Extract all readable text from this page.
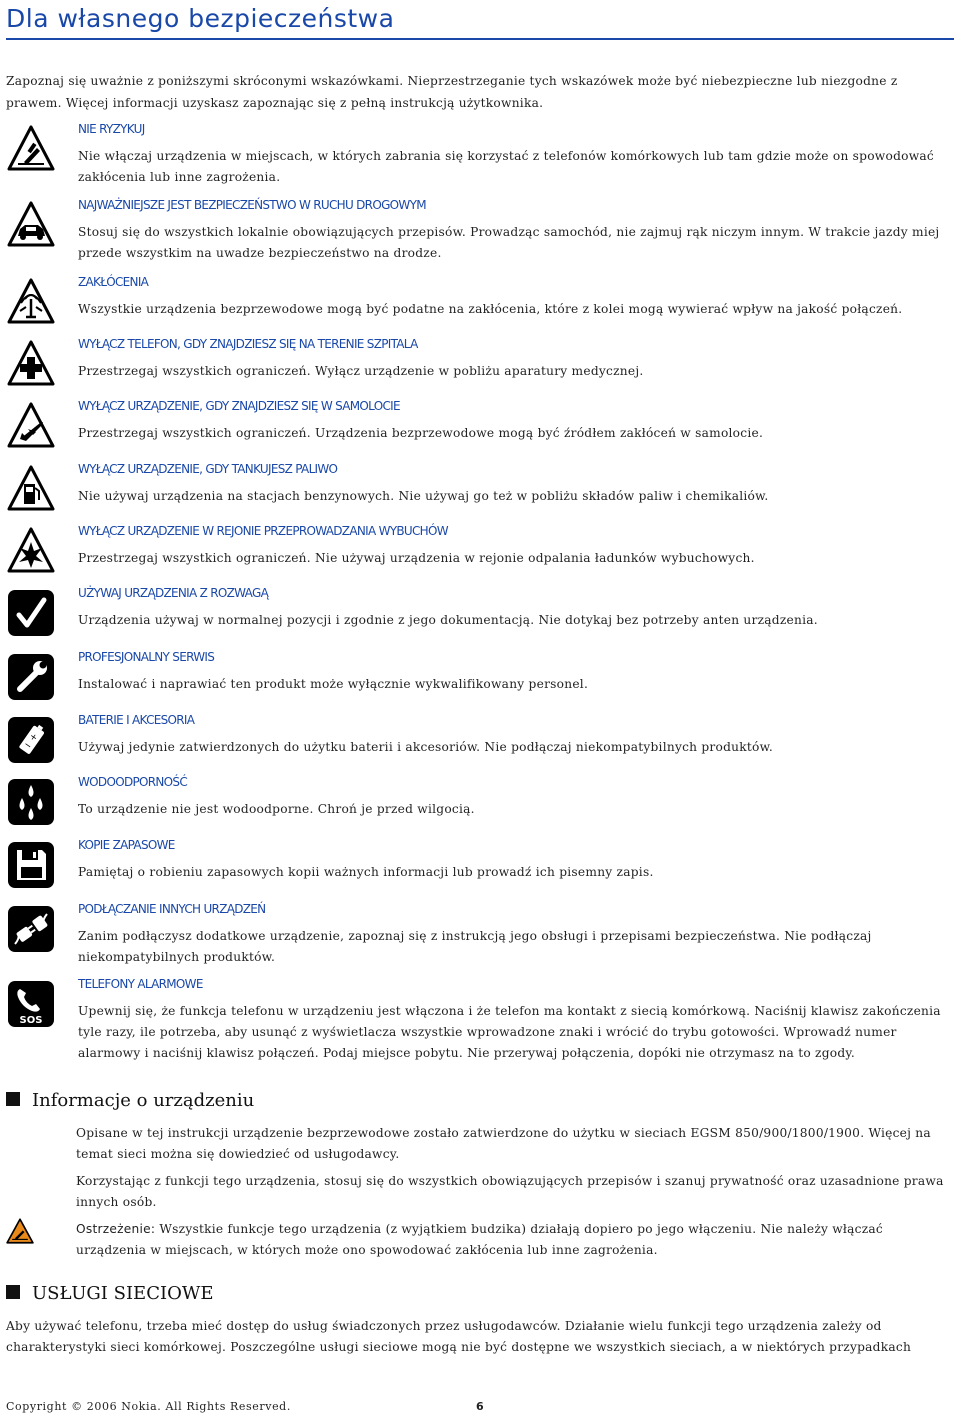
Dla własnego bezpieczeństwa
Zapoznaj się uważnie z poniższymi skróconymi wskazówkami. Nieprzestrzeganie tych wskazówek może być niebezpieczne lub niezgodne z prawem. Więcej informacji uzyskasz zapoznając się z pełną instrukcją użytkownika.
NIE RYZYKUJ
Nie włączaj urządzenia w miejscach, w których zabrania się korzystać z telefonów komórkowych lub tam gdzie może on spowodować zakłócenia lub inne zagrożenia.
NAJWAŻNIEJSZE JEST BEZPIECZEŃSTWO W RUCHU DROGOWYM
Stosuj się do wszystkich lokalnie obowiązujących przepisów. Prowadząc samochód, nie zajmuj rąk niczym innym. W trakcie jazdy miej przede wszystkim na uwadze bezpieczeństwo na drodze.
ZAKŁÓCENIA
Wszystkie urządzenia bezprzewodowe mogą być podatne na zakłócenia, które z kolei mogą wywierać wpływ na jakość połączeń.
WYŁĄCZ TELEFON, GDY ZNAJDZIESZ SIĘ NA TERENIE SZPITALA
Przestrzegaj wszystkich ograniczeń. Wyłącz urządzenie w pobliżu aparatury medycznej.
WYŁĄCZ URZĄDZENIE, GDY ZNAJDZIESZ SIĘ W SAMOLOCIE
Przestrzegaj wszystkich ograniczeń. Urządzenia bezprzewodowe mogą być źródłem zakłóceń w samolocie.
WYŁĄCZ URZĄDZENIE, GDY TANKUJESZ PALIWO
Nie używaj urządzenia na stacjach benzynowych. Nie używaj go też w pobliżu składów paliw i chemikaliów.
WYŁĄCZ URZĄDZENIE W REJONIE PRZEPROWADZANIA WYBUCHÓW
Przestrzegaj wszystkich ograniczeń. Nie używaj urządzenia w rejonie odpalania ładunków wybuchowych.
UŻYWAJ URZĄDZENIA Z ROZWAGĄ
Urządzenia używaj w normalnej pozycji i zgodnie z jego dokumentacją. Nie dotykaj bez potrzeby anten urządzenia.
PROFESJONALNY SERWIS
Instalować i naprawiać ten produkt może wyłącznie wykwalifikowany personel.
+
−
BATERIE I AKCESORIA
Używaj jedynie zatwierdzonych do użytku baterii i akcesoriów. Nie podłączaj niekompatybilnych produktów.
WODOODPORNOŚĆ
To urządzenie nie jest wodoodporne. Chroń je przed wilgocią.
KOPIE ZAPASOWE
Pamiętaj o robieniu zapasowych kopii ważnych informacji lub prowadź ich pisemny zapis.
PODŁĄCZANIE INNYCH URZĄDZEŃ
Zanim podłączysz dodatkowe urządzenie, zapoznaj się z instrukcją jego obsługi i przepisami bezpieczeństwa. Nie podłączaj niekompatybilnych produktów.
SOS
TELEFONY ALARMOWE
Upewnij się, że funkcja telefonu w urządzeniu jest włączona i że telefon ma kontakt z siecią komórkową. Naciśnij klawisz zakończenia tyle razy, ile potrzeba, aby usunąć z wyświetlacza wszystkie wprowadzone znaki i wrócić do trybu gotowości. Wprowadź numer alarmowy i naciśnij klawisz połączeń. Podaj miejsce pobytu. Nie przerywaj połączenia, dopóki nie otrzymasz na to zgody.
Informacje o urządzeniu
Opisane w tej instrukcji urządzenie bezprzewodowe zostało zatwierdzone do użytku w sieciach EGSM 850/900/1800/1900. Więcej na temat sieci można się dowiedzieć od usługodawcy.
Korzystając z funkcji tego urządzenia, stosuj się do wszystkich obowiązujących przepisów i szanuj prywatność oraz uzasadnione prawa innych osób.
Ostrzeżenie: Wszystkie funkcje tego urządzenia (z wyjątkiem budzika) działają dopiero po jego włączeniu. Nie należy włączać urządzenia w miejscach, w których może ono spowodować zakłócenia lub inne zagrożenia.
USŁUGI SIECIOWE
Aby używać telefonu, trzeba mieć dostęp do usług świadczonych przez usługodawców. Działanie wielu funkcji tego urządzenia zależy od charakterystyki sieci komórkowej. Poszczególne usługi sieciowe mogą nie być dostępne we wszystkich sieciach, a w niektórych przypadkach
Copyright © 2006 Nokia. All Rights Reserved.	6
